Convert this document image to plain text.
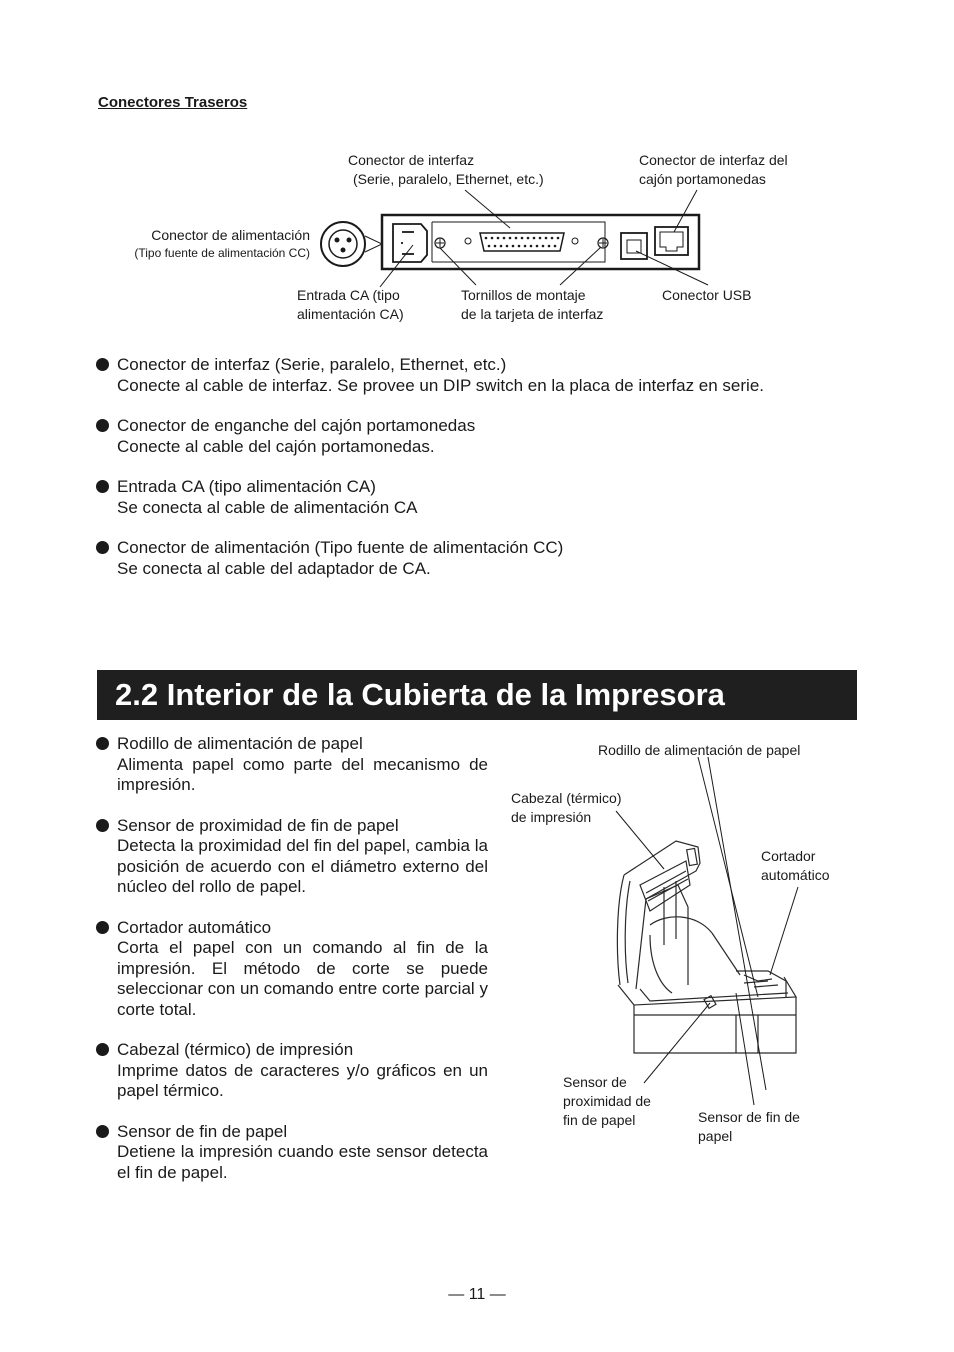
Conectores Traseros
Conector de interfaz
(Serie, paralelo, Ethernet, etc.)
Conector de interfaz del
cajón portamonedas
Conector de alimentación
(Tipo fuente de alimentación CC)
Entrada CA (tipo
alimentación CA)
Tornillos de montaje
de la tarjeta de interfaz
Conector USB
Conector de interfaz (Serie, paralelo, Ethernet, etc.)
Conecte al cable de interfaz. Se provee un DIP switch en la placa de interfaz en serie.
Conector de enganche del cajón portamonedas
Conecte al cable del cajón portamonedas.
Entrada CA (tipo alimentación CA)
Se conecta al cable de alimentación CA
Conector de alimentación (Tipo fuente de alimentación CC)
Se conecta al cable del adaptador de CA.
2.2 Interior de la Cubierta de la Impresora
Rodillo de alimentación de papel
Alimenta papel como parte del mecanismo de impresión.
Sensor de proximidad de fin de papel
Detecta la proximidad del fin del papel, cambia la posición de acuerdo con el diámetro externo del núcleo del rollo de papel.
Cortador automático
Corta el papel con un comando al fin de la impresión. El método de corte se puede seleccionar con un comando entre corte parcial y corte total.
Cabezal (térmico) de impresión
Imprime datos de caracteres y/o gráficos en un papel térmico.
Sensor de fin de papel
Detiene la impresión cuando este sensor detecta el fin de papel.
Rodillo de alimentación de papel
Cabezal (térmico)
de impresión
Cortador
automático
Sensor de
proximidad de
fin de papel	Sensor de fin de
papel
— 11 —
